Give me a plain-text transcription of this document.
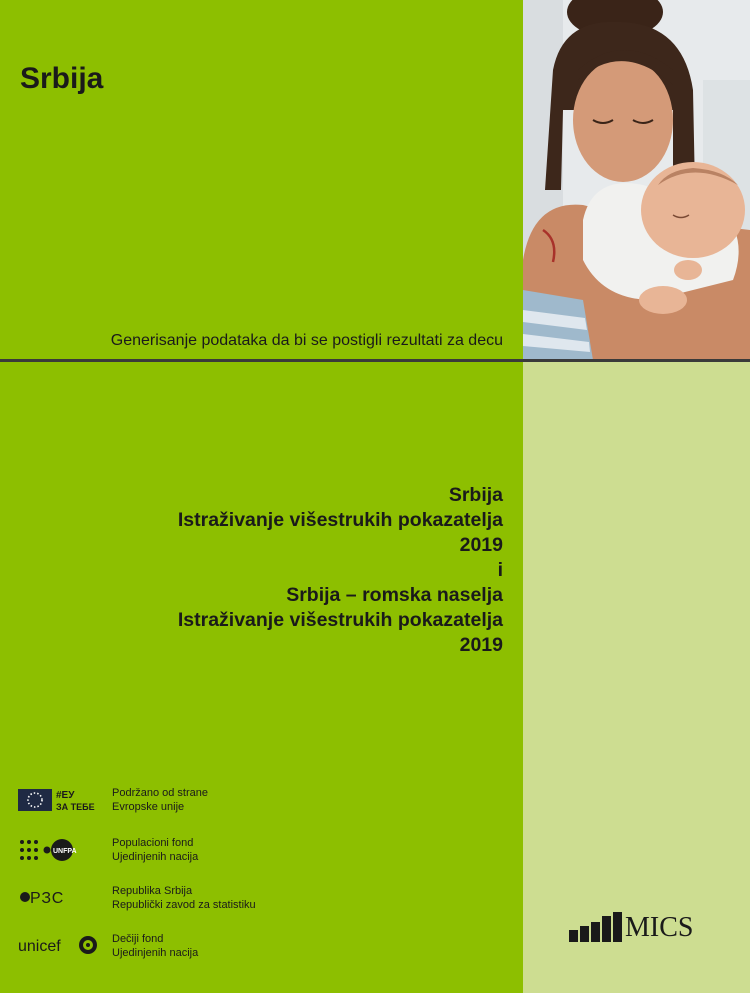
Srbija
Generisanje podataka da bi se postigli rezultati za decu
Srbija
Istraživanje višestrukih pokazatelja
2019
i
Srbija – romska naselja
Istraživanje višestrukih pokazatelja
2019
#ЕУ
ЗА ТЕБЕ
Podržano od strane
Evropske unije
UNFPA
Populacioni fond
Ujedinjenih nacija
РЗС	Republika Srbija
Republički zavod za statistiku
unicef	Dečiji fond
Ujedinjenih nacija
MICS
